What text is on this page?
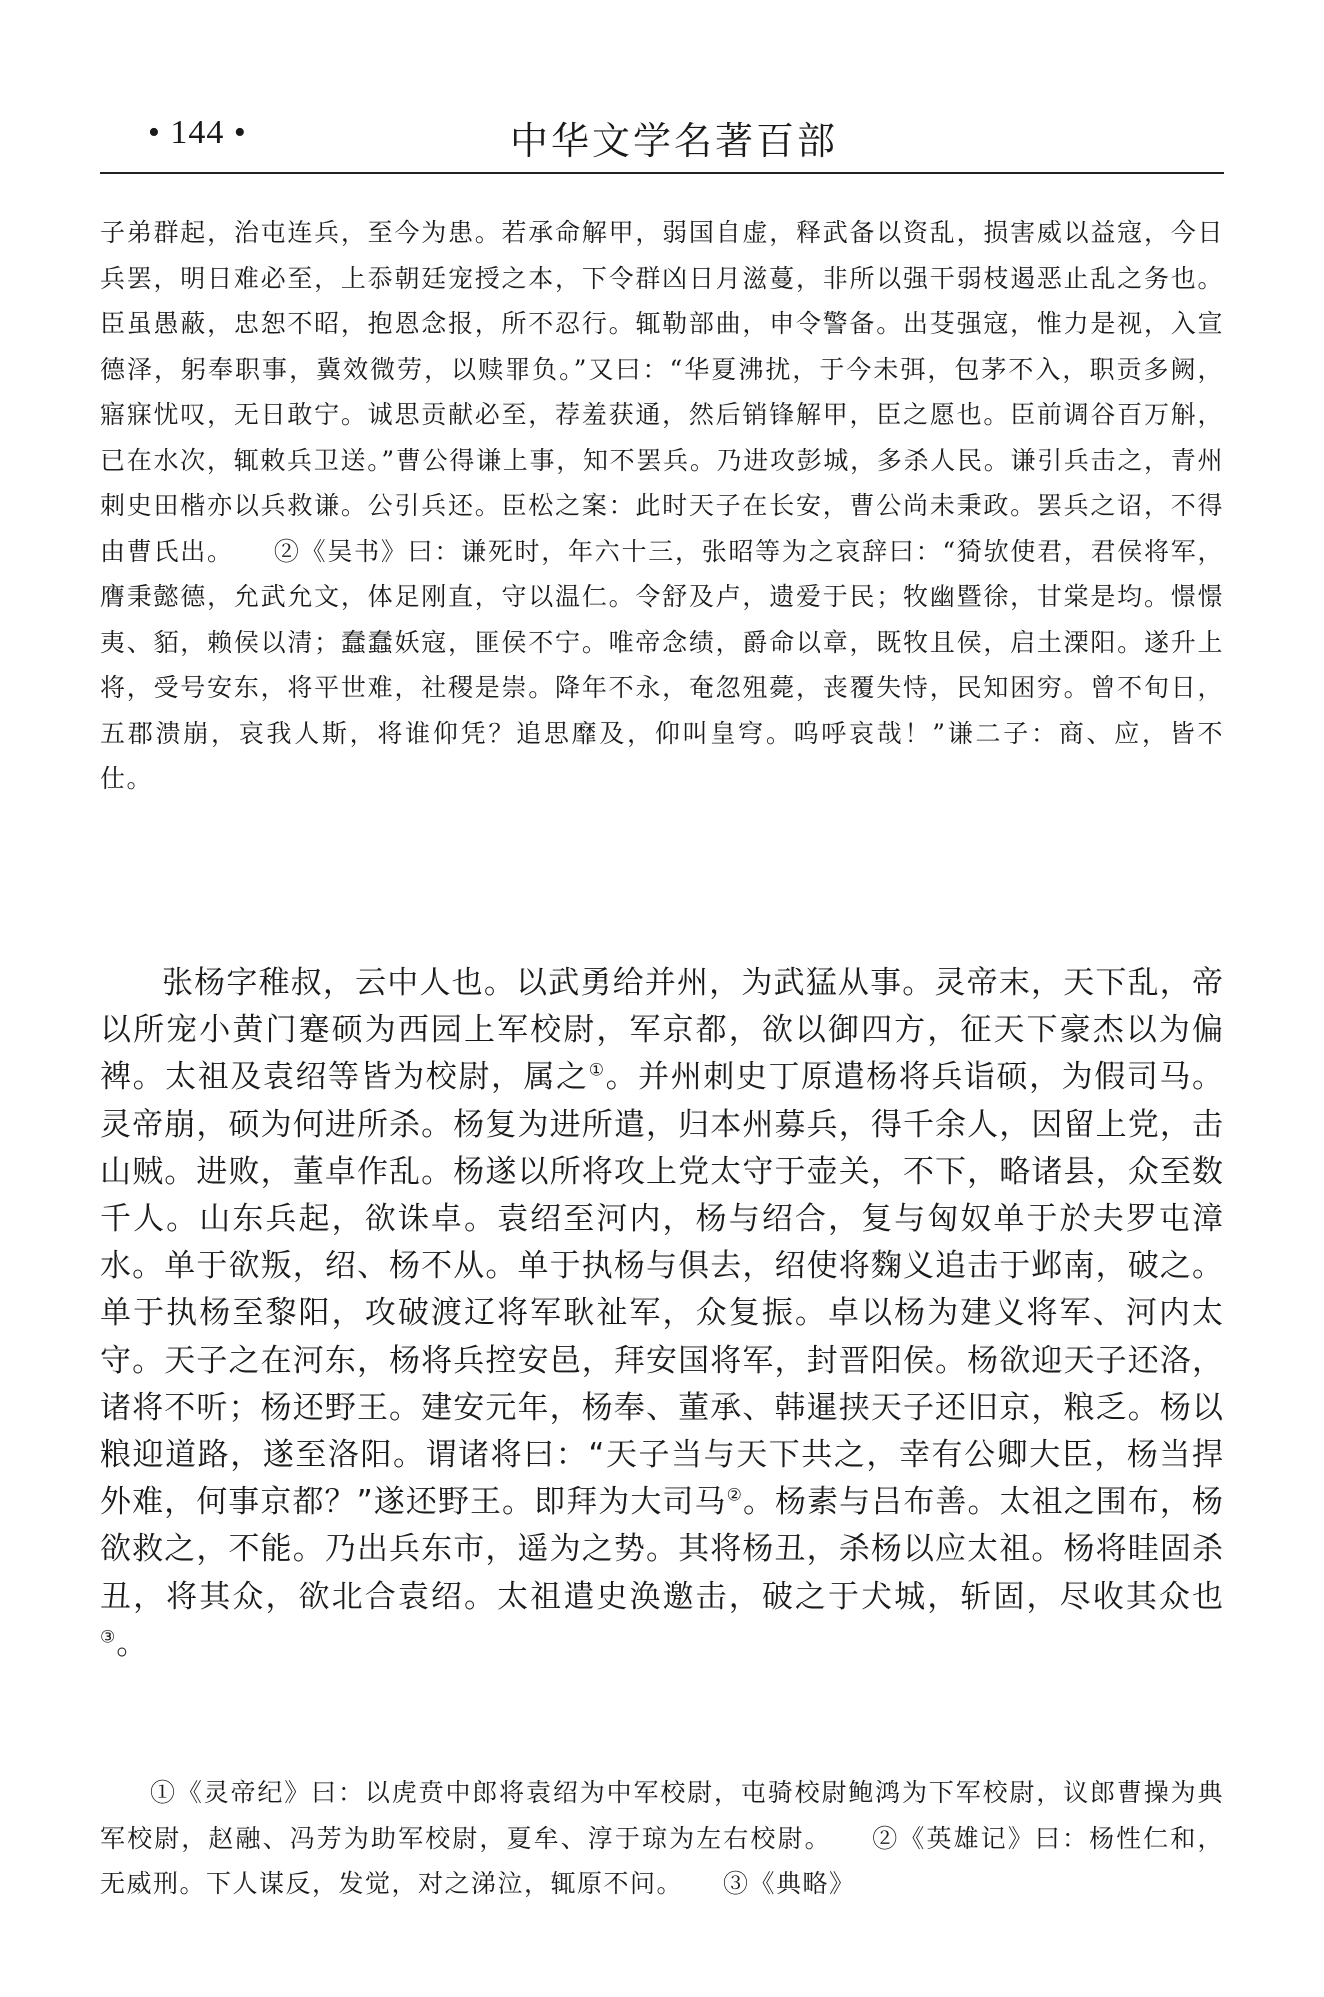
• 144 •	中华文学名著百部
子弟群起，治屯连兵，至今为患。若承命解甲，弱国自虚，释武备以资乱，损害威以益寇，今日兵罢，明日难必至，上忝朝廷宠授之本，下令群凶日月滋蔓，非所以强干弱枝遏恶止乱之务也。臣虽愚蔽，忠恕不昭，抱恩念报，所不忍行。辄勒部曲，申令警备。出芟强寇，惟力是视，入宣德泽，躬奉职事，冀效微劳，以赎罪负。”又曰：“华夏沸扰，于今未弭，包茅不入，职贡多阙，寤寐忧叹，无日敢宁。诚思贡献必至，荐羞获通，然后销锋解甲，臣之愿也。臣前调谷百万斛，已在水次，辄敕兵卫送。”曹公得谦上事，知不罢兵。乃进攻彭城，多杀人民。谦引兵击之，青州刺史田楷亦以兵救谦。公引兵还。臣松之案：此时天子在长安，曹公尚未秉政。罢兵之诏，不得由曹氏出。 ②《吴书》曰：谦死时，年六十三，张昭等为之哀辞曰：“猗欤使君，君侯将军，膺秉懿德，允武允文，体足刚直，守以温仁。令舒及卢，遗爱于民；牧幽暨徐，甘棠是均。憬憬夷、貊，赖侯以清；蠢蠢妖寇，匪侯不宁。唯帝念绩，爵命以章，既牧且侯，启土溧阳。遂升上将，受号安东，将平世难，社稷是崇。降年不永，奄忽殂薨，丧覆失恃，民知困穷。曾不旬日，五郡溃崩，哀我人斯，将谁仰凭？追思靡及，仰叫皇穹。呜呼哀哉！”谦二子：商、应，皆不仕。

张杨字稚叔，云中人也。以武勇给并州，为武猛从事。灵帝末，天下乱，帝以所宠小黄门蹇硕为西园上军校尉，军京都，欲以御四方，征天下豪杰以为偏裨。太祖及袁绍等皆为校尉，属之①。并州刺史丁原遣杨将兵诣硕，为假司马。灵帝崩，硕为何进所杀。杨复为进所遣，归本州募兵，得千余人，因留上党，击山贼。进败，董卓作乱。杨遂以所将攻上党太守于壶关，不下，略诸县，众至数千人。山东兵起，欲诛卓。袁绍至河内，杨与绍合，复与匈奴单于於夫罗屯漳水。单于欲叛，绍、杨不从。单于执杨与俱去，绍使将麴义追击于邺南，破之。单于执杨至黎阳，攻破渡辽将军耿祉军，众复振。卓以杨为建义将军、河内太守。天子之在河东，杨将兵控安邑，拜安国将军，封晋阳侯。杨欲迎天子还洛，诸将不听；杨还野王。建安元年，杨奉、董承、韩暹挟天子还旧京，粮乏。杨以粮迎道路，遂至洛阳。谓诸将曰：“天子当与天下共之，幸有公卿大臣，杨当捍外难，何事京都？”遂还野王。即拜为大司马②。杨素与吕布善。太祖之围布，杨欲救之，不能。乃出兵东市，遥为之势。其将杨丑，杀杨以应太祖。杨将眭固杀丑，将其众，欲北合袁绍。太祖遣史涣邀击，破之于犬城，斩固，尽收其众也③。

①《灵帝纪》曰：以虎贲中郎将袁绍为中军校尉，屯骑校尉鲍鸿为下军校尉，议郎曹操为典军校尉，赵融、冯芳为助军校尉，夏牟、淳于琼为左右校尉。 ②《英雄记》曰：杨性仁和，无威刑。下人谋反，发觉，对之涕泣，辄原不问。 ③《典略》
